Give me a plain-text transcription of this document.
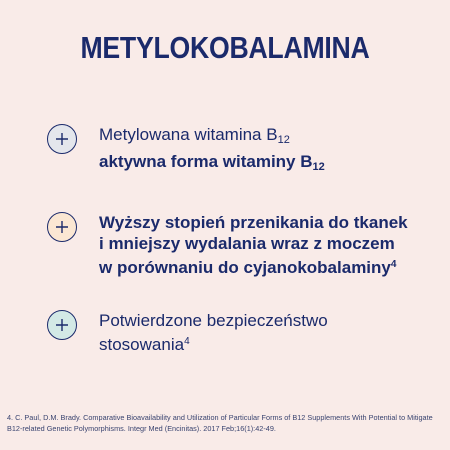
METYLOKOBALAMINA
Metylowana witamina $B_{12}$
aktywna forma witaminy $B_{12}$
Wyższy stopień przenikania do tkanek
i mniejszy wydalania wraz z moczem
w porównaniu do cyjanokobalaminy$^4$
Potwierdzone bezpieczeństwo
stosowania$^4$
4. C. Paul, D.M. Brady. Comparative Bioavailability and Utilization of Particular Forms of B12 Supplements With Potential to Mitigate
B12-related Genetic Polymorphisms. Integr Med (Encinitas). 2017 Feb;16(1):42-49.
